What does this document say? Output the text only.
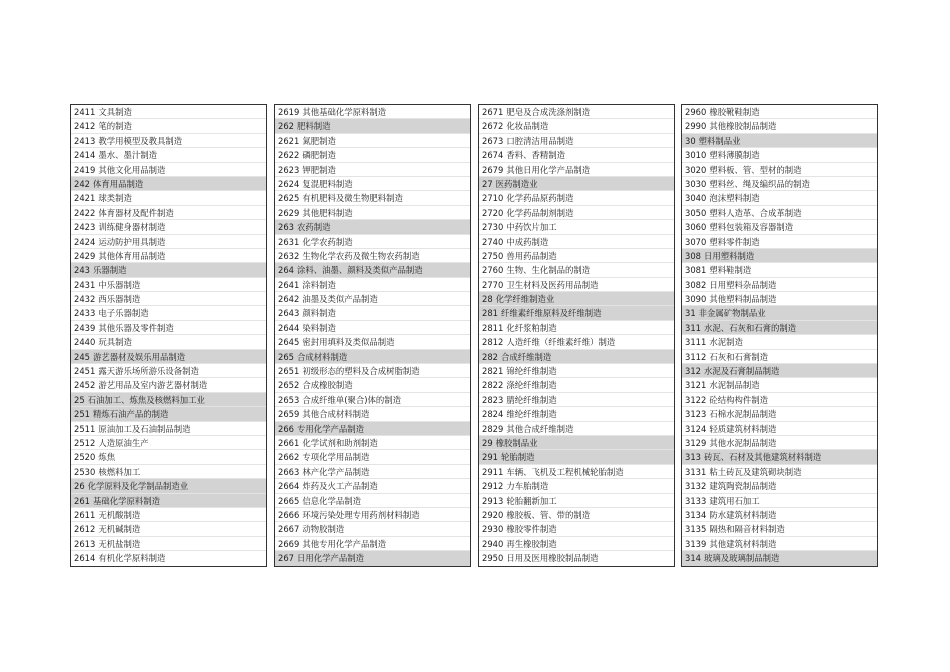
2411 文具制造
2412 笔的制造
2413 教学用模型及教具制造
2414 墨水、墨汁制造
2419 其他文化用品制造
242 体育用品制造
2421 球类制造
2422 体育器材及配件制造
2423 训练健身器材制造
2424 运动防护用具制造
2429 其他体育用品制造
243 乐器制造
2431 中乐器制造
2432 西乐器制造
2433 电子乐器制造
2439 其他乐器及零件制造
2440 玩具制造
245 游艺器材及娱乐用品制造
2451 露天游乐场所游乐设备制造
2452 游艺用品及室内游艺器材制造
25 石油加工、炼焦及核燃料加工业
251 精炼石油产品的制造
2511 原油加工及石油制品制造
2512 人造原油生产
2520 炼焦
2530 核燃料加工
26 化学原料及化学制品制造业
261 基础化学原料制造
2611 无机酸制造
2612 无机碱制造
2613 无机盐制造
2614 有机化学原料制造
2619 其他基础化学原料制造
262 肥料制造
2621 氮肥制造
2622 磷肥制造
2623 钾肥制造
2624 复混肥料制造
2625 有机肥料及微生物肥料制造
2629 其他肥料制造
263 农药制造
2631 化学农药制造
2632 生物化学农药及微生物农药制造
264 涂料、油墨、颜料及类似产品制造
2641 涂料制造
2642 油墨及类似产品制造
2643 颜料制造
2644 染料制造
2645 密封用填料及类似品制造
265 合成材料制造
2651 初级形态的塑料及合成树脂制造
2652 合成橡胶制造
2653 合成纤维单(聚合)体的制造
2659 其他合成材料制造
266 专用化学产品制造
2661 化学试剂和助剂制造
2662 专项化学用品制造
2663 林产化学产品制造
2664 炸药及火工产品制造
2665 信息化学品制造
2666 环境污染处理专用药剂材料制造
2667 动物胶制造
2669 其他专用化学产品制造
267 日用化学产品制造
2671 肥皂及合成洗涤剂制造
2672 化妆品制造
2673 口腔清洁用品制造
2674 香料、香精制造
2679 其他日用化学产品制造
27 医药制造业
2710 化学药品原药制造
2720 化学药品制剂制造
2730 中药饮片加工
2740 中成药制造
2750 兽用药品制造
2760 生物、生化制品的制造
2770 卫生材料及医药用品制造
28 化学纤维制造业
281 纤维素纤维原料及纤维制造
2811 化纤浆粕制造
2812 人造纤维（纤维素纤维）制造
282 合成纤维制造
2821 锦纶纤维制造
2822 涤纶纤维制造
2823 腈纶纤维制造
2824 维纶纤维制造
2829 其他合成纤维制造
29 橡胶制品业
291 轮胎制造
2911 车辆、飞机及工程机械轮胎制造
2912 力车胎制造
2913 轮胎翻新加工
2920 橡胶板、管、带的制造
2930 橡胶零件制造
2940 再生橡胶制造
2950 日用及医用橡胶制品制造
2960 橡胶靴鞋制造
2990 其他橡胶制品制造
30 塑料制品业
3010 塑料薄膜制造
3020 塑料板、管、型材的制造
3030 塑料丝、绳及编织品的制造
3040 泡沫塑料制造
3050 塑料人造革、合成革制造
3060 塑料包装箱及容器制造
3070 塑料零件制造
308 日用塑料制造
3081 塑料鞋制造
3082 日用塑料杂品制造
3090 其他塑料制品制造
31 非金属矿物制品业
311 水泥、石灰和石膏的制造
3111 水泥制造
3112 石灰和石膏制造
312 水泥及石膏制品制造
3121 水泥制品制造
3122 砼结构构件制造
3123 石棉水泥制品制造
3124 轻质建筑材料制造
3129 其他水泥制品制造
313 砖瓦、石材及其他建筑材料制造
3131 粘土砖瓦及建筑砌块制造
3132 建筑陶瓷制品制造
3133 建筑用石加工
3134 防水建筑材料制造
3135 隔热和隔音材料制造
3139 其他建筑材料制造
314 玻璃及玻璃制品制造
